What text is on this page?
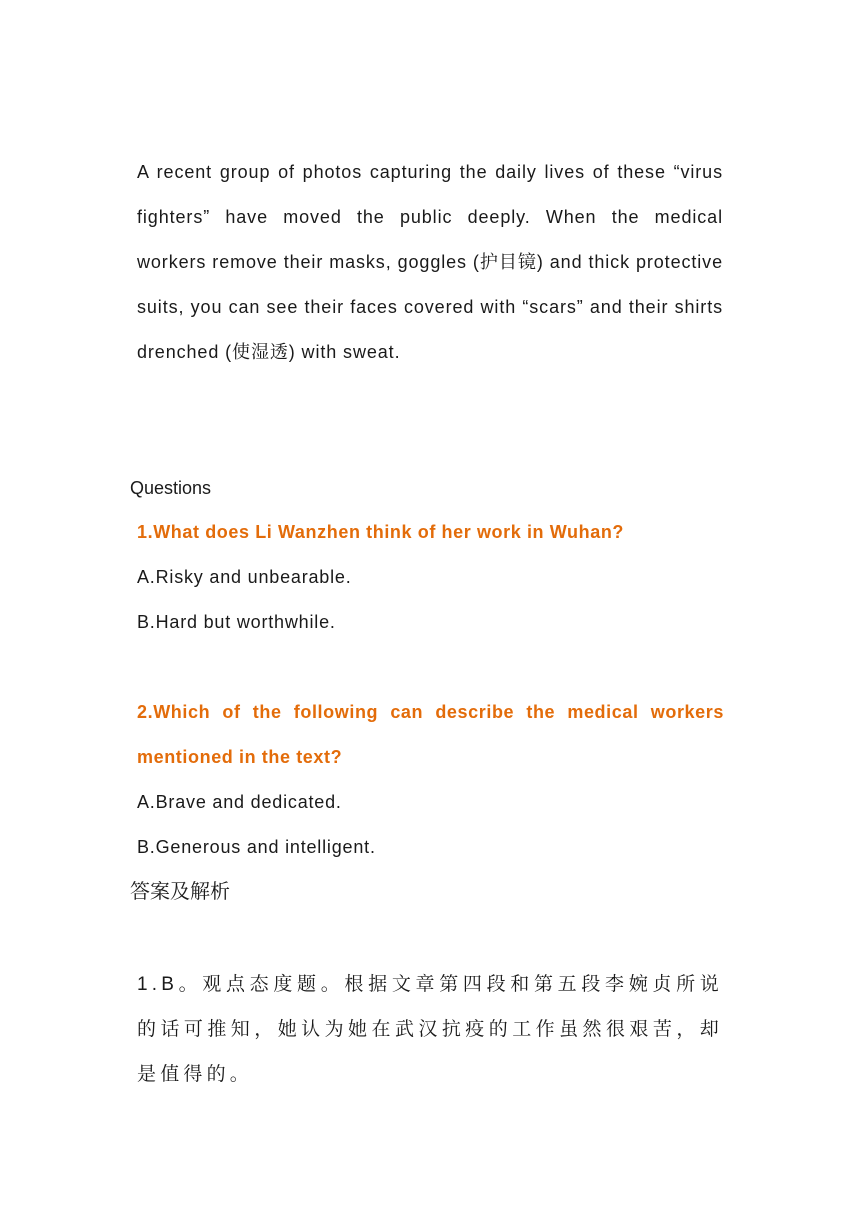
A recent group of photos capturing the daily lives of these “virus fighters” have moved the public deeply. When the medical workers remove their masks, goggles (护目镜) and thick protective suits, you can see their faces covered with “scars” and their shirts drenched (使湿透) with sweat.

Questions
1.What does Li Wanzhen think of her work in Wuhan?
A.Risky and unbearable.
B.Hard but worthwhile.
2.Which of the following can describe the medical workers mentioned in the text?
A.Brave and dedicated.
B.Generous and intelligent.
答案及解析

1.B。观点态度题。根据文章第四段和第五段李婉贞所说的话可推知，她认为她在武汉抗疫的工作虽然很艰苦，却是值得的。
